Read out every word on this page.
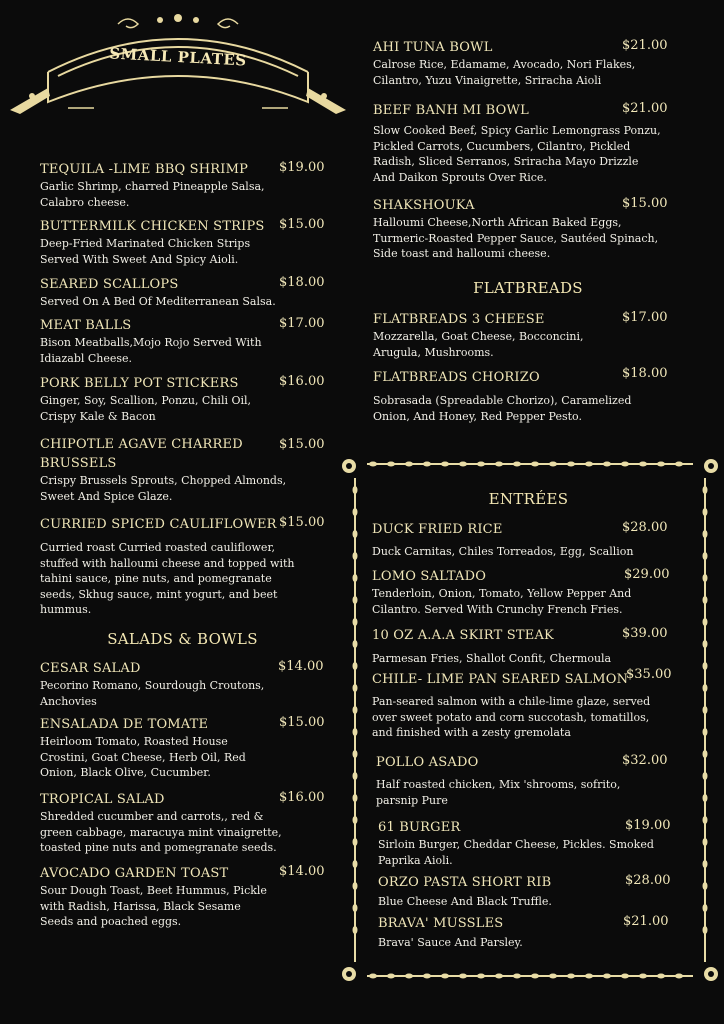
SMALL PLATES
TEQUILA -LIME BBQ SHRIMP $19.00
Garlic Shrimp, charred Pineapple Salsa, Calabro cheese.
BUTTERMILK CHICKEN STRIPS $15.00
Deep-Fried Marinated Chicken Strips Served With Sweet And Spicy Aioli.
SEARED SCALLOPS	$18.00
Served On A Bed Of Mediterranean Salsa.
MEAT BALLS	$17.00
Bison Meatballs,Mojo Rojo Served With Idiazabl Cheese.
PORK BELLY POT STICKERS	$16.00
Ginger, Soy, Scallion, Ponzu, Chili Oil, Crispy Kale & Bacon
CHIPOTLE AGAVE CHARRED BRUSSELS
$15.00
Crispy Brussels Sprouts, Chopped Almonds, Sweet And Spice Glaze.
CURRIED SPICED CAULIFLOWER $15.00
Curried roast Curried roasted cauliflower, stuffed with halloumi cheese and topped with tahini sauce, pine nuts, and pomegranate seeds, Skhug sauce, mint yogurt, and beet hummus.
SALADS & BOWLS
CESAR SALAD	$14.00
Pecorino Romano, Sourdough Croutons, Anchovies
ENSALADA DE TOMATE	$15.00
Heirloom Tomato, Roasted House Crostini, Goat Cheese, Herb Oil, Red Onion, Black Olive, Cucumber.
TROPICAL SALAD	$16.00
Shredded cucumber and carrots,, red & green cabbage, maracuya mint vinaigrette, toasted pine nuts and pomegranate seeds.
AVOCADO GARDEN TOAST	$14.00
Sour Dough Toast, Beet Hummus, Pickle with Radish, Harissa, Black Sesame Seeds and poached eggs.
AHI TUNA BOWL	$21.00
Calrose Rice, Edamame, Avocado, Nori Flakes, Cilantro, Yuzu Vinaigrette, Sriracha Aioli
BEEF BANH MI BOWL	$21.00
Slow Cooked Beef, Spicy Garlic Lemongrass Ponzu, Pickled Carrots, Cucumbers, Cilantro, Pickled Radish, Sliced Serranos, Sriracha Mayo Drizzle And Daikon Sprouts Over Rice.
SHAKSHOUKA	$15.00
Halloumi Cheese,North African Baked Eggs, Turmeric-Roasted Pepper Sauce, Sautéed Spinach, Side toast and halloumi cheese.
FLATBREADS
FLATBREADS 3 CHEESE	$17.00
Mozzarella, Goat Cheese, Bocconcini, Arugula, Mushrooms.
FLATBREADS CHORIZO	$18.00
Sobrasada (Spreadable Chorizo), Caramelized Onion, And Honey, Red Pepper Pesto.
ENTRÉES
DUCK FRIED RICE	$28.00
Duck Carnitas, Chiles Torreados, Egg, Scallion
LOMO SALTADO	$29.00
Tenderloin, Onion, Tomato, Yellow Pepper And Cilantro. Served With Crunchy French Fries.
10 OZ A.A.A SKIRT STEAK	$39.00
Parmesan Fries, Shallot Confit, Chermoula
CHILE- LIME PAN SEARED SALMON
$35.00
Pan-seared salmon with a chile-lime glaze, served over sweet potato and corn succotash, tomatillos, and finished with a zesty gremolata
POLLO ASADO	$32.00
Half roasted chicken, Mix 'shrooms, sofrito, parsnip Pure
61 BURGER	$19.00
Sirloin Burger, Cheddar Cheese, Pickles. Smoked Paprika Aioli.
ORZO PASTA SHORT RIB	$28.00
Blue Cheese And Black Truffle.
BRAVA' MUSSLES	$21.00
Brava' Sauce And Parsley.
